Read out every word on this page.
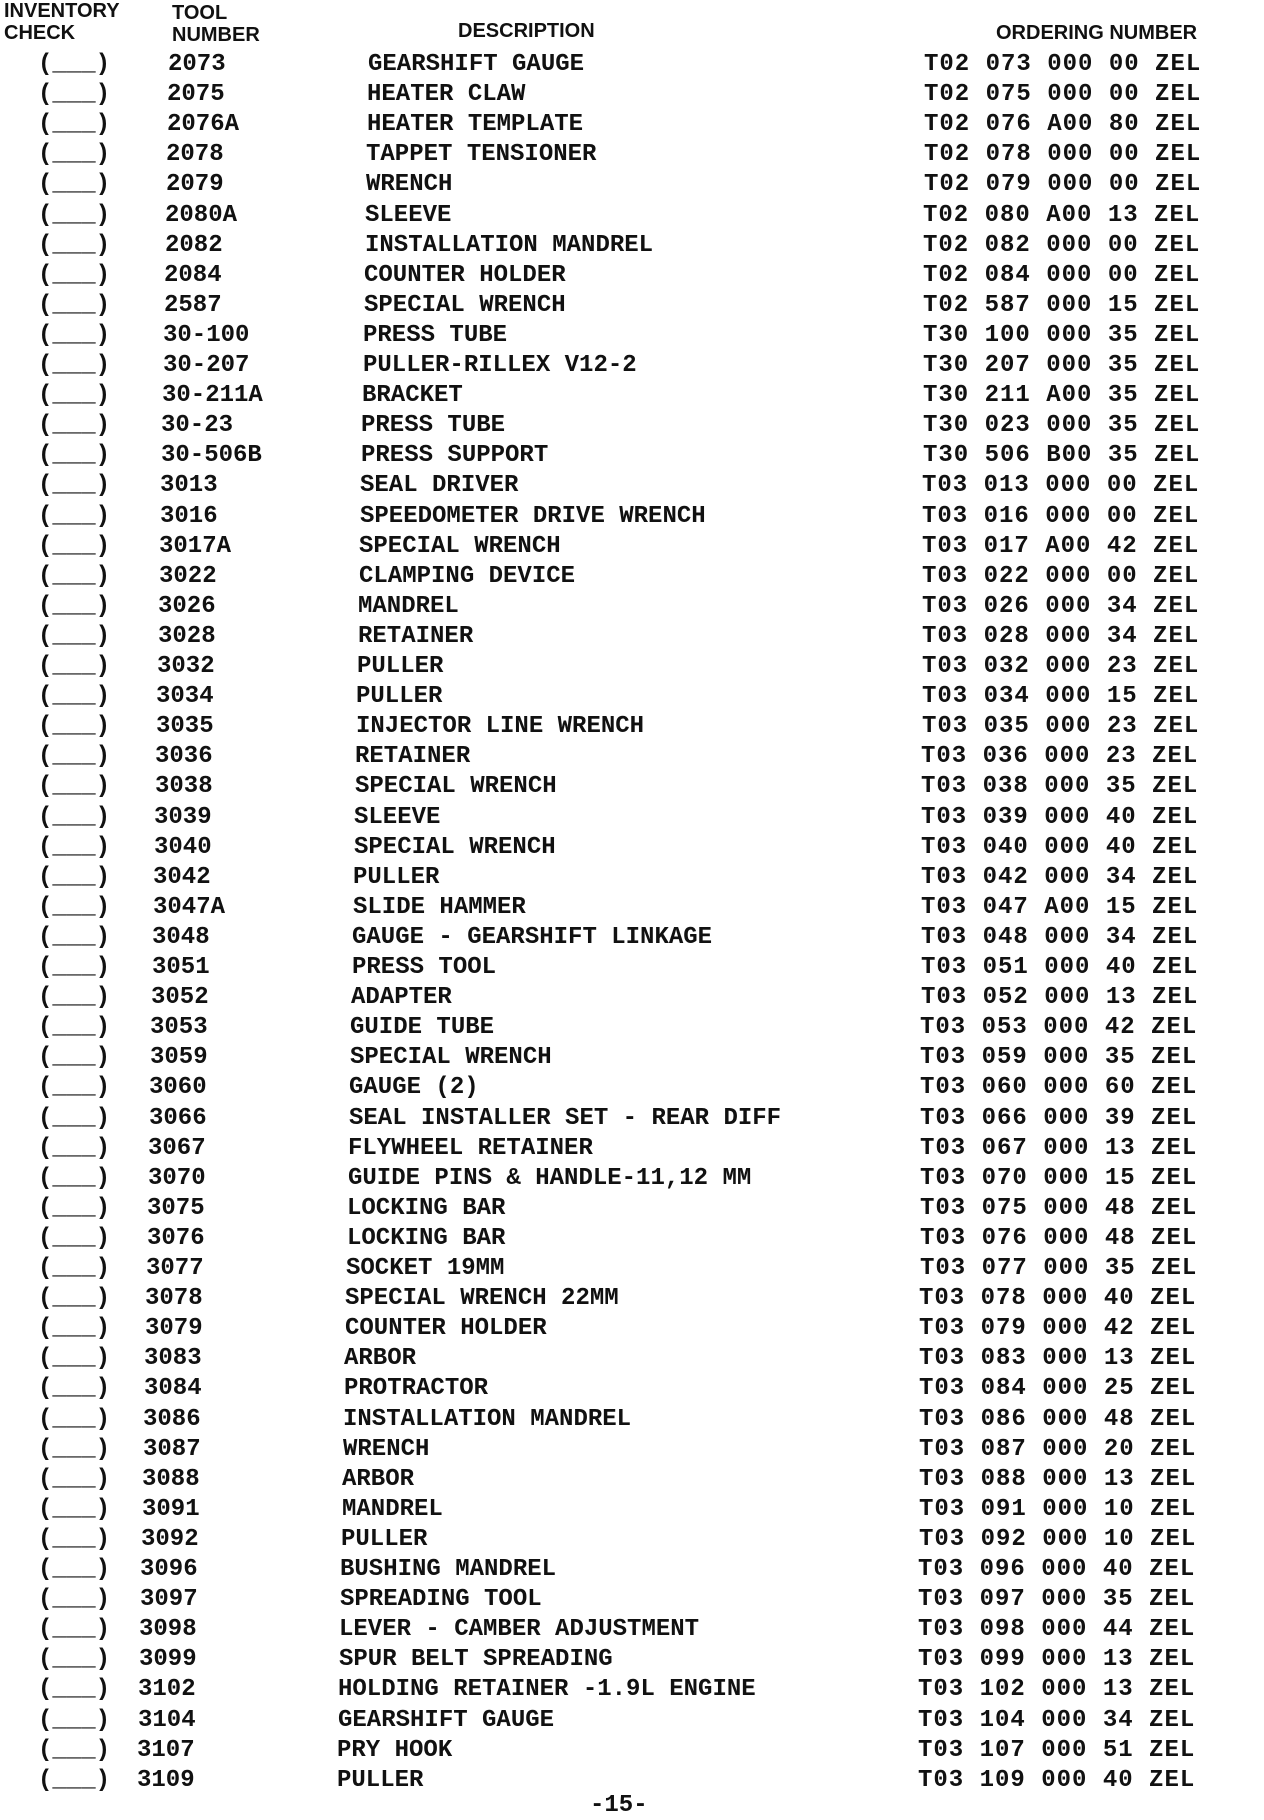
INVENTORY
CHECK
TOOL
NUMBER	DESCRIPTION	ORDERING NUMBER
(___) 2073	GEARSHIFT GAUGE	T02 073 000 00 ZEL
(___) 2075	HEATER CLAW	T02 075 000 00 ZEL
(___) 2076A	HEATER TEMPLATE	T02 076 A00 80 ZEL
(___) 2078	TAPPET TENSIONER	T02 078 000 00 ZEL
(___) 2079	WRENCH	T02 079 000 00 ZEL
(___) 2080A	SLEEVE	T02 080 A00 13 ZEL
(___) 2082	INSTALLATION MANDREL	T02 082 000 00 ZEL
(___) 2084	COUNTER HOLDER	T02 084 000 00 ZEL
(___) 2587	SPECIAL WRENCH	T02 587 000 15 ZEL
(___) 30-100	PRESS TUBE	T30 100 000 35 ZEL
(___) 30-207	PULLER-RILLEX V12-2	T30 207 000 35 ZEL
(___) 30-211A	BRACKET	T30 211 A00 35 ZEL
(___) 30-23	PRESS TUBE	T30 023 000 35 ZEL
(___) 30-506B	PRESS SUPPORT	T30 506 B00 35 ZEL
(___) 3013	SEAL DRIVER	T03 013 000 00 ZEL
(___) 3016	SPEEDOMETER DRIVE WRENCH	T03 016 000 00 ZEL
(___) 3017A	SPECIAL WRENCH	T03 017 A00 42 ZEL
(___) 3022	CLAMPING DEVICE	T03 022 000 00 ZEL
(___) 3026	MANDREL	T03 026 000 34 ZEL
(___) 3028	RETAINER	T03 028 000 34 ZEL
(___) 3032	PULLER	T03 032 000 23 ZEL
(___) 3034	PULLER	T03 034 000 15 ZEL
(___) 3035	INJECTOR LINE WRENCH	T03 035 000 23 ZEL
(___) 3036	RETAINER	T03 036 000 23 ZEL
(___) 3038	SPECIAL WRENCH	T03 038 000 35 ZEL
(___) 3039	SLEEVE	T03 039 000 40 ZEL
(___) 3040	SPECIAL WRENCH	T03 040 000 40 ZEL
(___) 3042	PULLER	T03 042 000 34 ZEL
(___) 3047A	SLIDE HAMMER	T03 047 A00 15 ZEL
(___) 3048	GAUGE - GEARSHIFT LINKAGE	T03 048 000 34 ZEL
(___) 3051	PRESS TOOL	T03 051 000 40 ZEL
(___) 3052	ADAPTER	T03 052 000 13 ZEL
(___) 3053	GUIDE TUBE	T03 053 000 42 ZEL
(___) 3059	SPECIAL WRENCH	T03 059 000 35 ZEL
(___) 3060	GAUGE (2)	T03 060 000 60 ZEL
(___) 3066	SEAL INSTALLER SET - REAR DIFF	T03 066 000 39 ZEL
(___) 3067	FLYWHEEL RETAINER	T03 067 000 13 ZEL
(___) 3070	GUIDE PINS & HANDLE-11,12 MM	T03 070 000 15 ZEL
(___) 3075	LOCKING BAR	T03 075 000 48 ZEL
(___) 3076	LOCKING BAR	T03 076 000 48 ZEL
(___) 3077	SOCKET 19MM	T03 077 000 35 ZEL
(___) 3078	SPECIAL WRENCH 22MM	T03 078 000 40 ZEL
(___) 3079	COUNTER HOLDER	T03 079 000 42 ZEL
(___) 3083	ARBOR	T03 083 000 13 ZEL
(___) 3084	PROTRACTOR	T03 084 000 25 ZEL
(___) 3086	INSTALLATION MANDREL	T03 086 000 48 ZEL
(___) 3087	WRENCH	T03 087 000 20 ZEL
(___) 3088	ARBOR	T03 088 000 13 ZEL
(___) 3091	MANDREL	T03 091 000 10 ZEL
(___) 3092	PULLER	T03 092 000 10 ZEL
(___) 3096	BUSHING MANDREL	T03 096 000 40 ZEL
(___) 3097	SPREADING TOOL	T03 097 000 35 ZEL
(___) 3098	LEVER - CAMBER ADJUSTMENT	T03 098 000 44 ZEL
(___) 3099	SPUR BELT SPREADING	T03 099 000 13 ZEL
(___) 3102	HOLDING RETAINER -1.9L ENGINE	T03 102 000 13 ZEL
(___) 3104	GEARSHIFT GAUGE	T03 104 000 34 ZEL
(___) 3107	PRY HOOK	T03 107 000 51 ZEL
(___) 3109	PULLER	T03 109 000 40 ZEL
-15-
